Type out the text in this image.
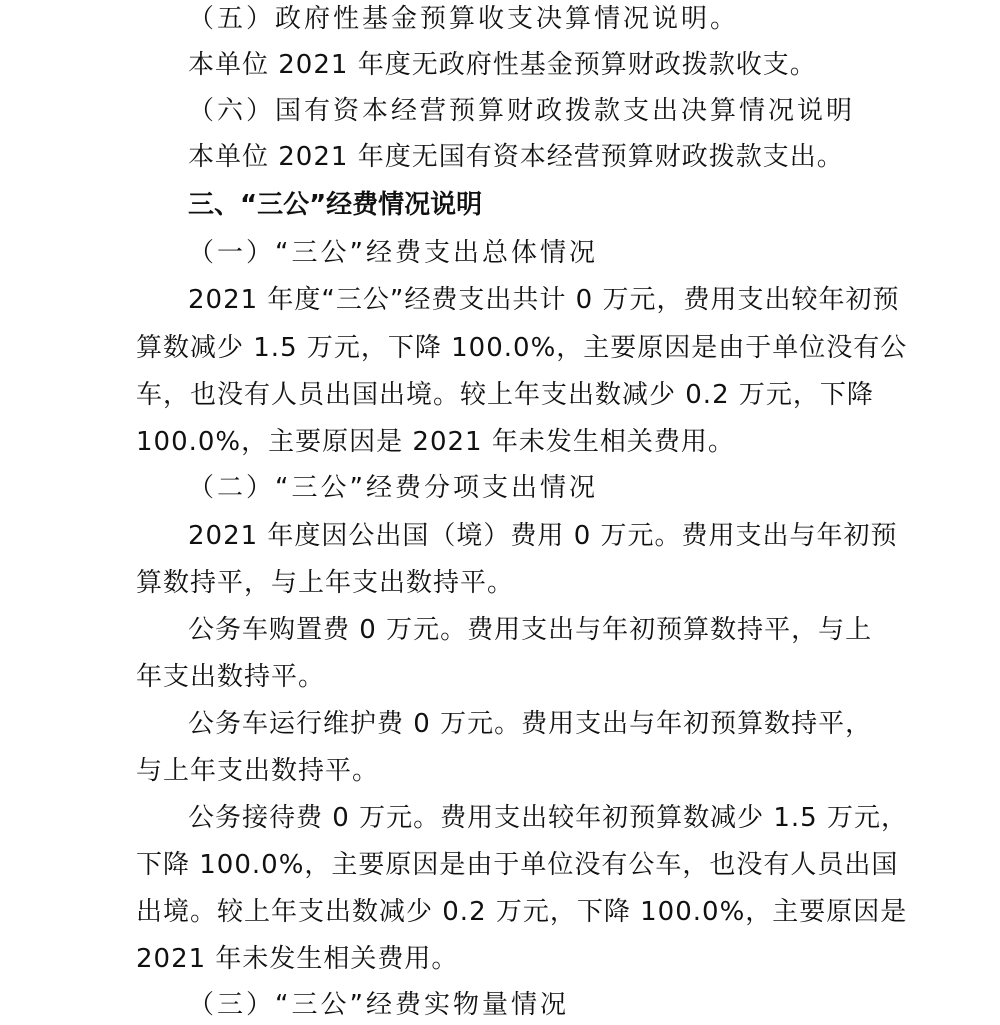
（五）政府性基金预算收支决算情况说明。
本单位 2021 年度无政府性基金预算财政拨款收支。
（六）国有资本经营预算财政拨款支出决算情况说明
本单位 2021 年度无国有资本经营预算财政拨款支出。
三、“三公”经费情况说明
（一）“三公”经费支出总体情况
2021 年度“三公”经费支出共计 0 万元，费用支出较年初预
算数减少 1.5 万元，下降 100.0%，主要原因是由于单位没有公
车，也没有人员出国出境。较上年支出数减少 0.2 万元，下降
100.0%，主要原因是 2021 年未发生相关费用。
（二）“三公”经费分项支出情况
2021 年度因公出国（境）费用 0 万元。费用支出与年初预
算数持平，与上年支出数持平。
公务车购置费 0 万元。费用支出与年初预算数持平，与上
年支出数持平。
公务车运行维护费 0 万元。费用支出与年初预算数持平，
与上年支出数持平。
公务接待费 0 万元。费用支出较年初预算数减少 1.5 万元，
下降 100.0%，主要原因是由于单位没有公车，也没有人员出国
出境。较上年支出数减少 0.2 万元，下降 100.0%，主要原因是
2021 年未发生相关费用。
（三）“三公”经费实物量情况
